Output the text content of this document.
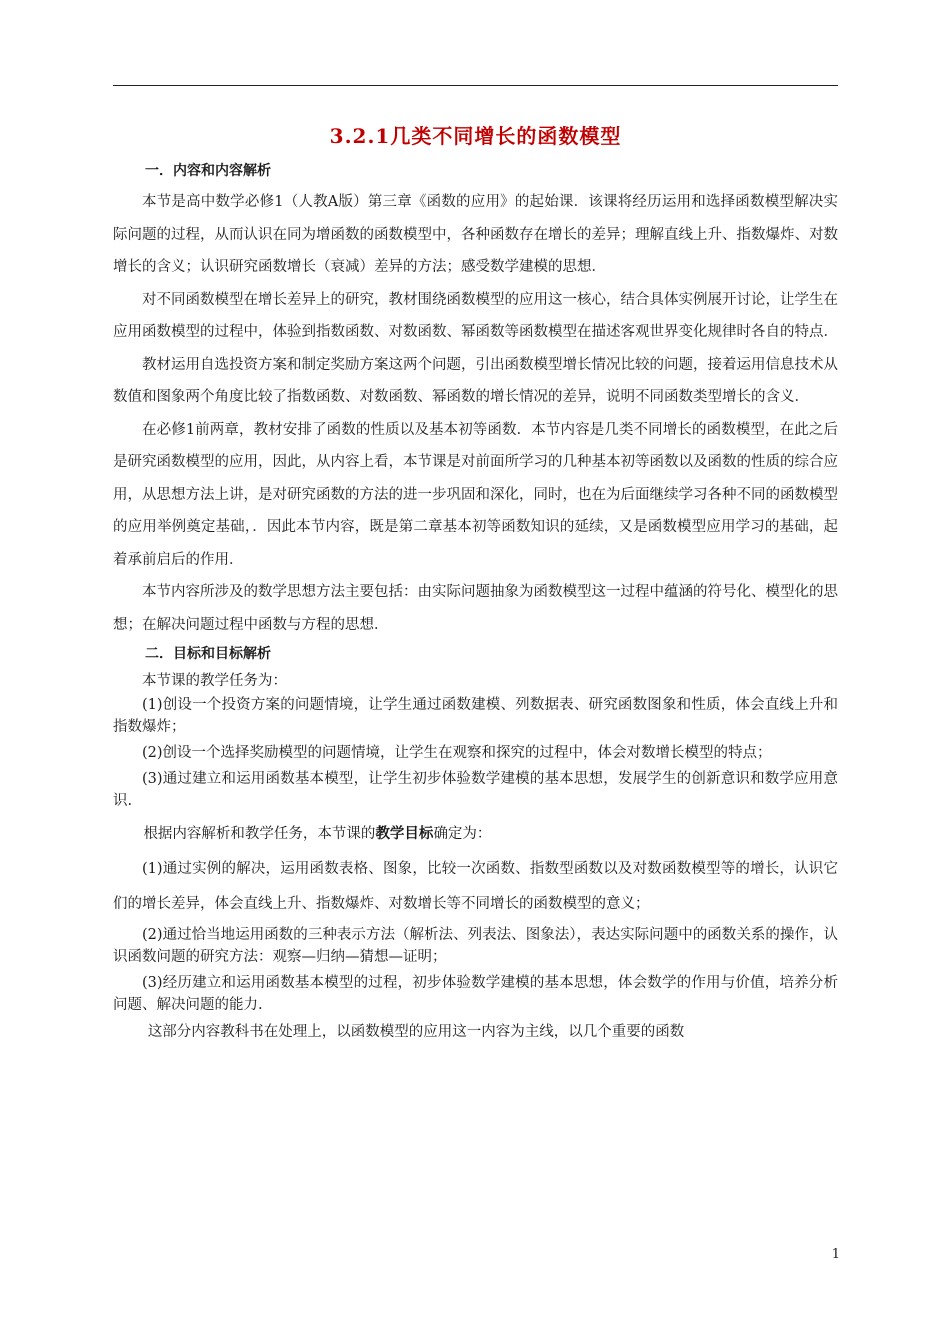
3.2.1几类不同增长的函数模型
一．内容和内容解析

本节是高中数学必修1（人教A版）第三章《函数的应用》的起始课．该课将经历运用和选择函数模型解决实际问题的过程，从而认识在同为增函数的函数模型中，各种函数存在增长的差异；理解直线上升、指数爆炸、对数增长的含义；认识研究函数增长（衰减）差异的方法；感受数学建模的思想．

对不同函数模型在增长差异上的研究，教材围绕函数模型的应用这一核心，结合具体实例展开讨论，让学生在应用函数模型的过程中，体验到指数函数、对数函数、幂函数等函数模型在描述客观世界变化规律时各自的特点．

教材运用自选投资方案和制定奖励方案这两个问题，引出函数模型增长情况比较的问题，接着运用信息技术从数值和图象两个角度比较了指数函数、对数函数、幂函数的增长情况的差异，说明不同函数类型增长的含义．

在必修1前两章，教材安排了函数的性质以及基本初等函数．本节内容是几类不同增长的函数模型，在此之后是研究函数模型的应用，因此，从内容上看，本节课是对前面所学习的几种基本初等函数以及函数的性质的综合应用，从思想方法上讲，是对研究函数的方法的进一步巩固和深化，同时，也在为后面继续学习各种不同的函数模型的应用举例奠定基础，．因此本节内容，既是第二章基本初等函数知识的延续，又是函数模型应用学习的基础，起着承前启后的作用．

本节内容所涉及的数学思想方法主要包括：由实际问题抽象为函数模型这一过程中蕴涵的符号化、模型化的思想；在解决问题过程中函数与方程的思想．

二．目标和目标解析

本节课的教学任务为：

(1)创设一个投资方案的问题情境，让学生通过函数建模、列数据表、研究函数图象和性质，体会直线上升和指数爆炸；

(2)创设一个选择奖励模型的问题情境，让学生在观察和探究的过程中，体会对数增长模型的特点；

(3)通过建立和运用函数基本模型，让学生初步体验数学建模的基本思想，发展学生的创新意识和数学应用意识.

根据内容解析和教学任务，本节课的教学目标确定为：

(1)通过实例的解决，运用函数表格、图象，比较一次函数、指数型函数以及对数函数模型等的增长，认识它们的增长差异，体会直线上升、指数爆炸、对数增长等不同增长的函数模型的意义；

(2)通过恰当地运用函数的三种表示方法（解析法、列表法、图象法），表达实际问题中的函数关系的操作，认识函数问题的研究方法：观察—归纳—猜想—证明；

(3)经历建立和运用函数基本模型的过程，初步体验数学建模的基本思想，体会数学的作用与价值，培养分析问题、解决问题的能力.

这部分内容教科书在处理上，以函数模型的应用这一内容为主线，以几个重要的函数

1
